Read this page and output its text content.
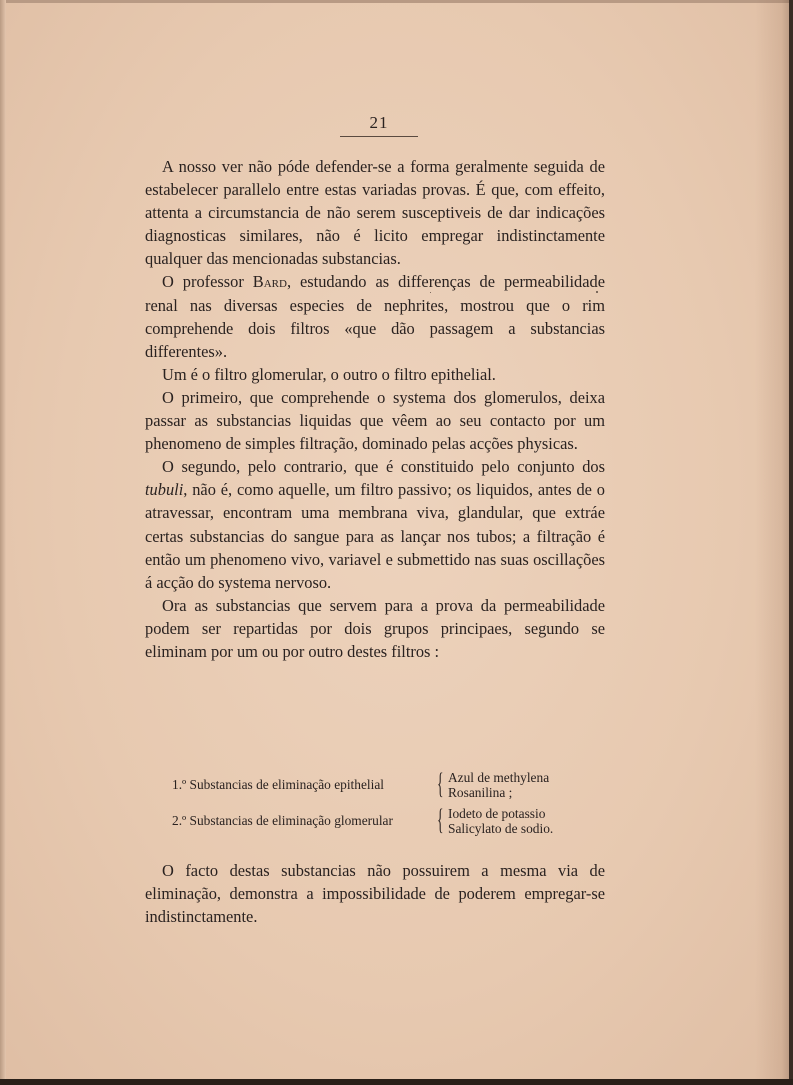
21

A nosso ver não póde defender-se a forma geralmente seguida de estabelecer parallelo entre estas variadas provas. É que, com effeito, attenta a circumstancia de não serem susceptiveis de dar indicações diagnosticas similares, não é licito empregar indistinctamente qualquer das mencionadas substancias.

O professor Bard, estudando as differenças de permeabilidade renal nas diversas especies de nephrites, mostrou que o rim comprehende dois filtros «que dão passagem a substancias differentes».

Um é o filtro glomerular, o outro o filtro epithelial.

O primeiro, que comprehende o systema dos glomerulos, deixa passar as substancias liquidas que vêem ao seu contacto por um phenomeno de simples filtração, dominado pelas acções physicas.

O segundo, pelo contrario, que é constituido pelo conjunto dos tubuli, não é, como aquelle, um filtro passivo; os liquidos, antes de o atravessar, encontram uma membrana viva, glandular, que extráe certas substancias do sangue para as lançar nos tubos; a filtração é então um phenomeno vivo, variavel e submettido nas suas oscillações á acção do systema nervoso.

Ora as substancias que servem para a prova da permeabilidade podem ser repartidas por dois grupos principaes, segundo se eliminam por um ou por outro destes filtros :

1.º Substancias de eliminação epithelial { Azul de methylena
Rosanilina ;
2.º Substancias de eliminação glomerular { Iodeto de potassio
Salicylato de sodio.

O facto destas substancias não possuirem a mesma via de eliminação, demonstra a impossibilidade de poderem empregar-se indistinctamente.
